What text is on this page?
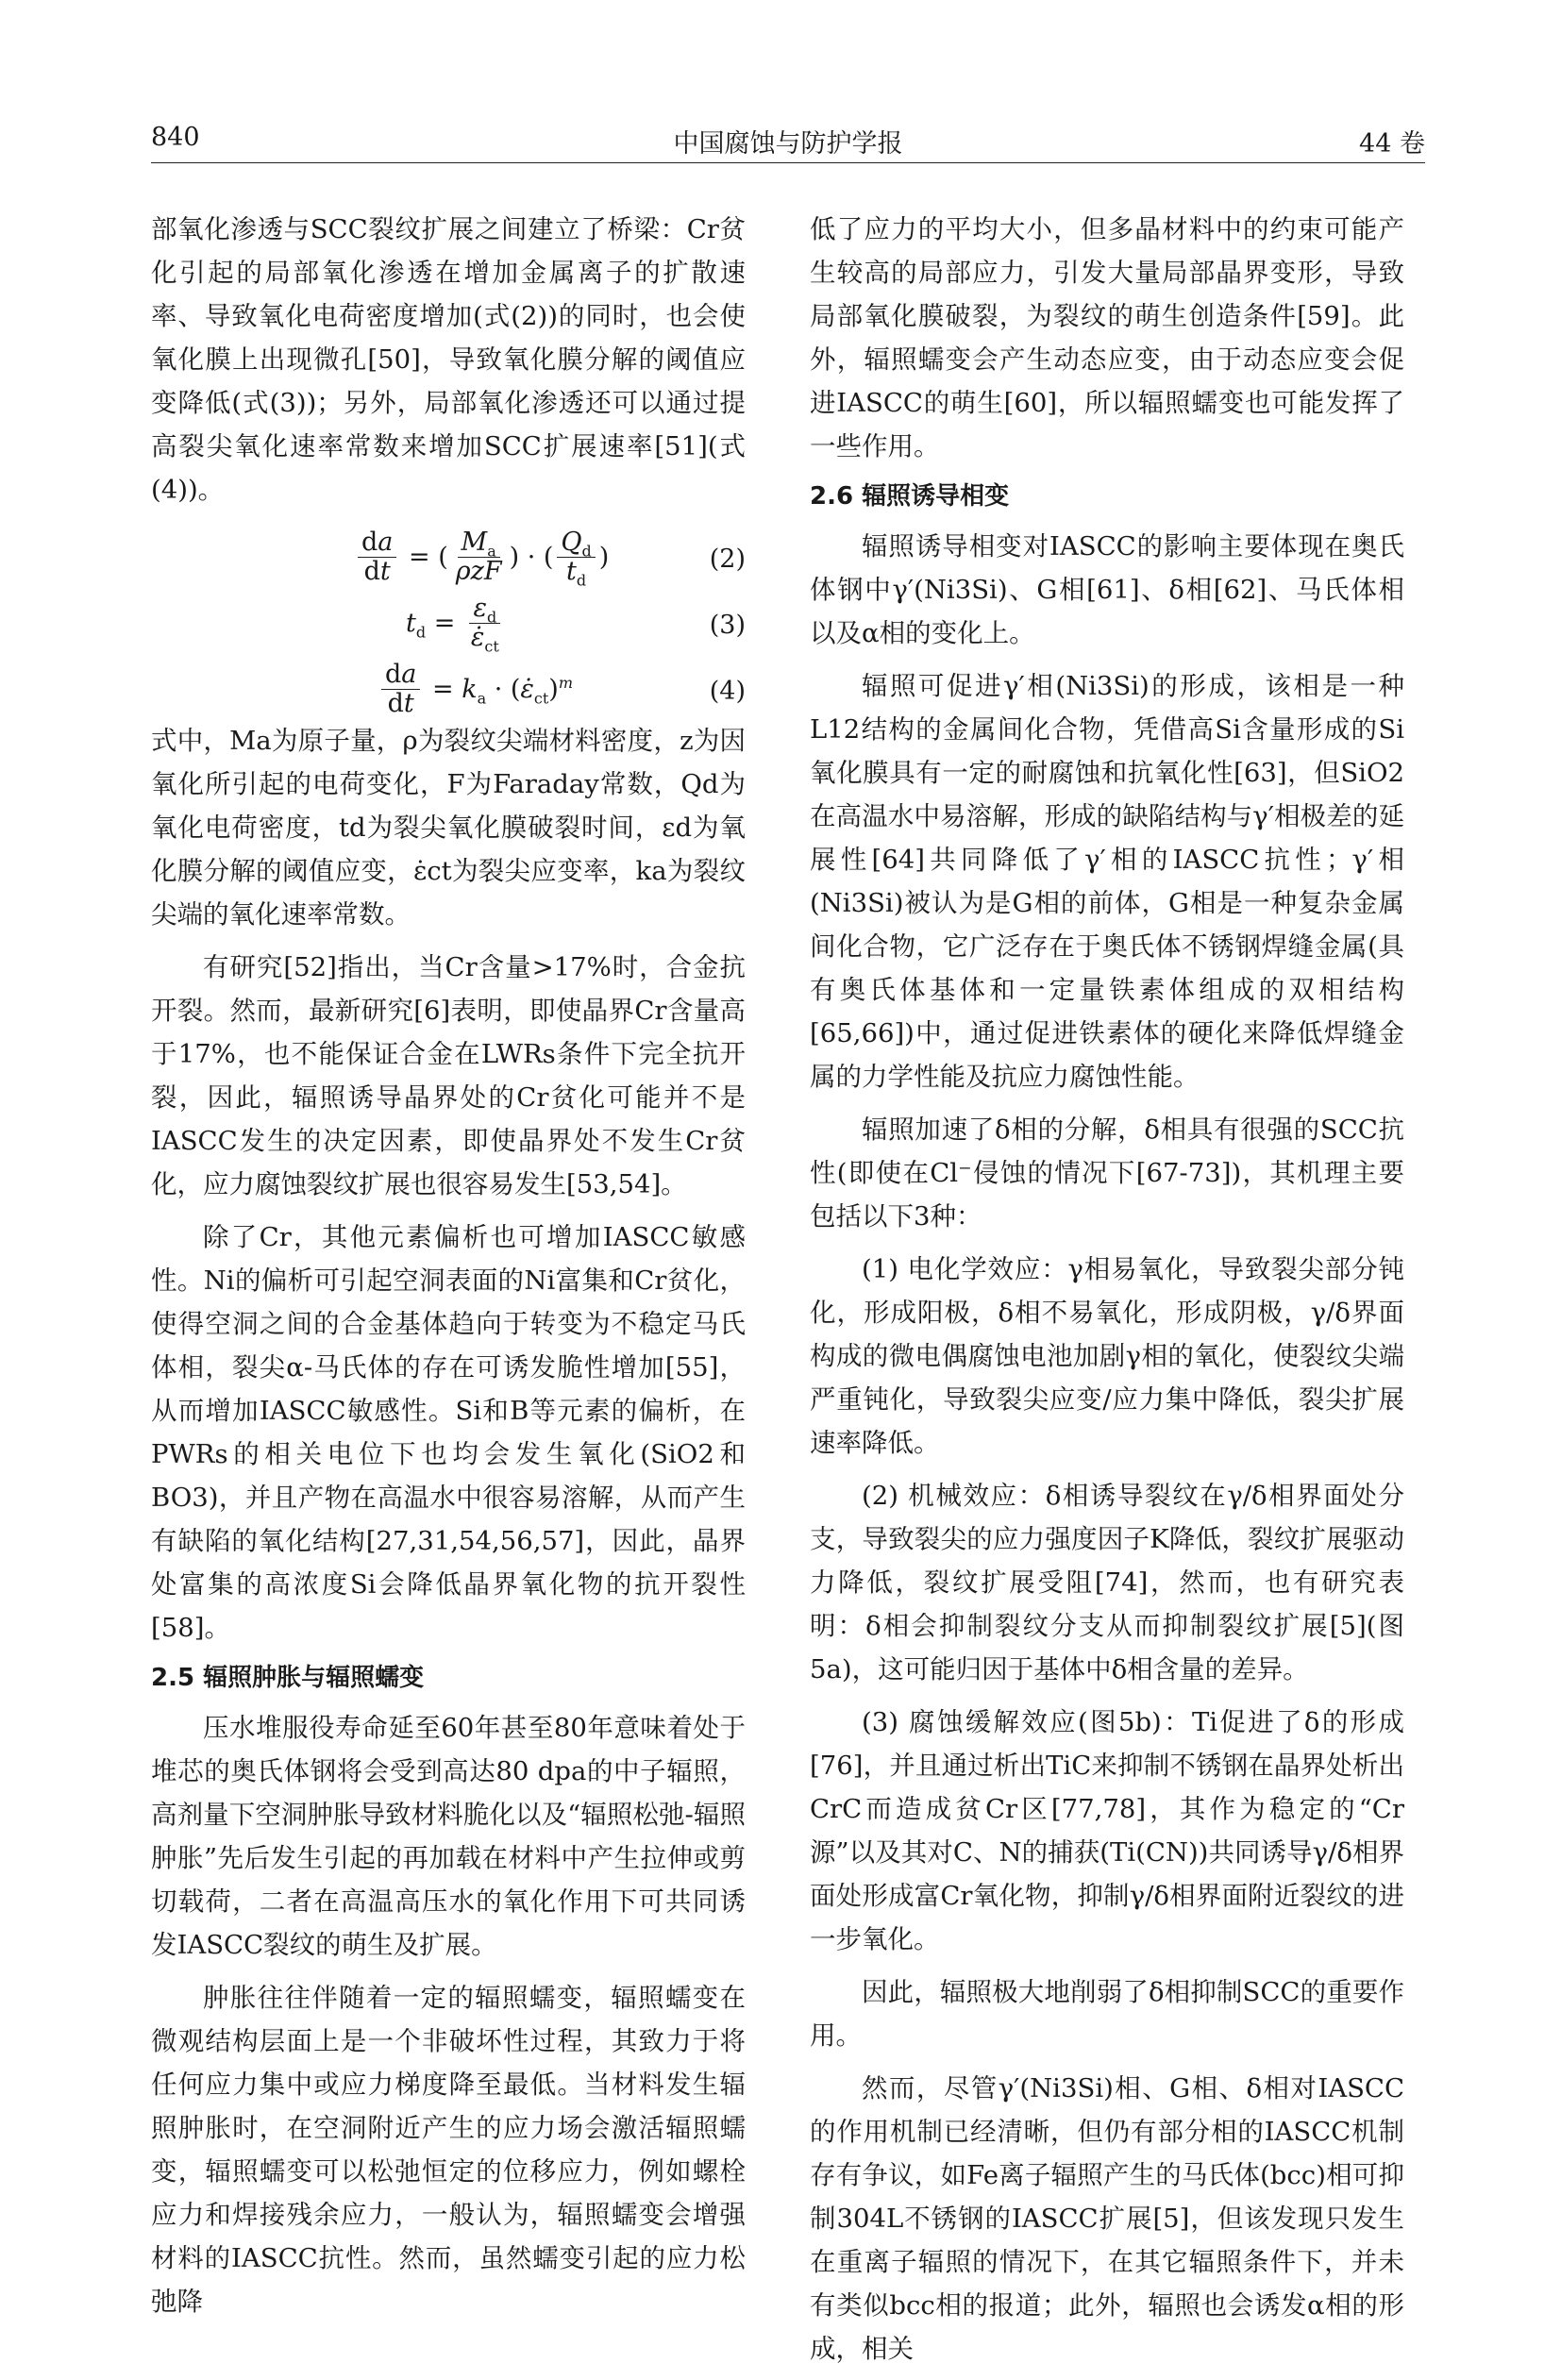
840	中国腐蚀与防护学报	44 卷

部氧化渗透与SCC裂纹扩展之间建立了桥梁：Cr贫化引起的局部氧化渗透在增加金属离子的扩散速率、导致氧化电荷密度增加(式(2))的同时，也会使氧化膜上出现微孔[50]，导致氧化膜分解的阈值应变降低(式(3))；另外，局部氧化渗透还可以通过提高裂尖氧化速率常数来增加SCC扩展速率[51](式(4))。

$\frac{da}{dt}$ = ( $\frac{M_a}{\text{ρzF}}$ ) · ( $\frac{Q_d}{t_d}$ )	(2)
$t_d = \frac{\varepsilon_d}{\varepsiloṅ_{ct}}$	(3)
$\frac{da}{dt} = k_a$ · $(\varepsiloṅ_{ct})^m$	(4)

式中，Ma为原子量，ρ为裂纹尖端材料密度，z为因氧化所引起的电荷变化，F为Faraday常数，Qd为氧化电荷密度，td为裂尖氧化膜破裂时间，εd为氧化膜分解的阈值应变，ε̇ct为裂尖应变率，ka为裂纹尖端的氧化速率常数。

有研究[52]指出，当Cr含量>17%时，合金抗开裂。然而，最新研究[6]表明，即使晶界Cr含量高于17%，也不能保证合金在LWRs条件下完全抗开裂，因此，辐照诱导晶界处的Cr贫化可能并不是IASCC发生的决定因素，即使晶界处不发生Cr贫化，应力腐蚀裂纹扩展也很容易发生[53,54]。

除了Cr，其他元素偏析也可增加IASCC敏感性。Ni的偏析可引起空洞表面的Ni富集和Cr贫化，使得空洞之间的合金基体趋向于转变为不稳定马氏体相，裂尖α-马氏体的存在可诱发脆性增加[55]，从而增加IASCC敏感性。Si和B等元素的偏析，在PWRs的相关电位下也均会发生氧化(SiO2和BO3)，并且产物在高温水中很容易溶解，从而产生有缺陷的氧化结构[27,31,54,56,57]，因此，晶界处富集的高浓度Si会降低晶界氧化物的抗开裂性[58]。

2.5 辐照肿胀与辐照蠕变

压水堆服役寿命延至60年甚至80年意味着处于堆芯的奥氏体钢将会受到高达80 dpa的中子辐照，高剂量下空洞肿胀导致材料脆化以及“辐照松弛-辐照肿胀”先后发生引起的再加载在材料中产生拉伸或剪切载荷，二者在高温高压水的氧化作用下可共同诱发IASCC裂纹的萌生及扩展。

肿胀往往伴随着一定的辐照蠕变，辐照蠕变在微观结构层面上是一个非破坏性过程，其致力于将任何应力集中或应力梯度降至最低。当材料发生辐照肿胀时，在空洞附近产生的应力场会激活辐照蠕变，辐照蠕变可以松弛恒定的位移应力，例如螺栓应力和焊接残余应力，一般认为，辐照蠕变会增强材料的IASCC抗性。然而，虽然蠕变引起的应力松弛降

低了应力的平均大小，但多晶材料中的约束可能产生较高的局部应力，引发大量局部晶界变形，导致局部氧化膜破裂，为裂纹的萌生创造条件[59]。此外，辐照蠕变会产生动态应变，由于动态应变会促进IASCC的萌生[60]，所以辐照蠕变也可能发挥了一些作用。

2.6 辐照诱导相变

辐照诱导相变对IASCC的影响主要体现在奥氏体钢中γ′(Ni3Si)、G相[61]、δ相[62]、马氏体相以及α相的变化上。

辐照可促进γ′相(Ni3Si)的形成，该相是一种L12结构的金属间化合物，凭借高Si含量形成的Si氧化膜具有一定的耐腐蚀和抗氧化性[63]，但SiO2在高温水中易溶解，形成的缺陷结构与γ′相极差的延展性[64]共同降低了γ′相的IASCC抗性；γ′相(Ni3Si)被认为是G相的前体，G相是一种复杂金属间化合物，它广泛存在于奥氏体不锈钢焊缝金属(具有奥氏体基体和一定量铁素体组成的双相结构[65,66])中，通过促进铁素体的硬化来降低焊缝金属的力学性能及抗应力腐蚀性能。

辐照加速了δ相的分解，δ相具有很强的SCC抗性(即使在Cl⁻侵蚀的情况下[67-73])，其机理主要包括以下3种：

(1) 电化学效应：γ相易氧化，导致裂尖部分钝化，形成阳极，δ相不易氧化，形成阴极，γ/δ界面构成的微电偶腐蚀电池加剧γ相的氧化，使裂纹尖端严重钝化，导致裂尖应变/应力集中降低，裂尖扩展速率降低。

(2) 机械效应：δ相诱导裂纹在γ/δ相界面处分支，导致裂尖的应力强度因子K降低，裂纹扩展驱动力降低，裂纹扩展受阻[74]，然而，也有研究表明：δ相会抑制裂纹分支从而抑制裂纹扩展[5](图5a)，这可能归因于基体中δ相含量的差异。

(3) 腐蚀缓解效应(图5b)：Ti促进了δ的形成[76]，并且通过析出TiC来抑制不锈钢在晶界处析出CrC而造成贫Cr区[77,78]，其作为稳定的“Cr源”以及其对C、N的捕获(Ti(CN))共同诱导γ/δ相界面处形成富Cr氧化物，抑制γ/δ相界面附近裂纹的进一步氧化。

因此，辐照极大地削弱了δ相抑制SCC的重要作用。

然而，尽管γ′(Ni3Si)相、G相、δ相对IASCC的作用机制已经清晰，但仍有部分相的IASCC机制存有争议，如Fe离子辐照产生的马氏体(bcc)相可抑制304L不锈钢的IASCC扩展[5]，但该发现只发生在重离子辐照的情况下，在其它辐照条件下，并未有类似bcc相的报道；此外，辐照也会诱发α相的形成，相关
